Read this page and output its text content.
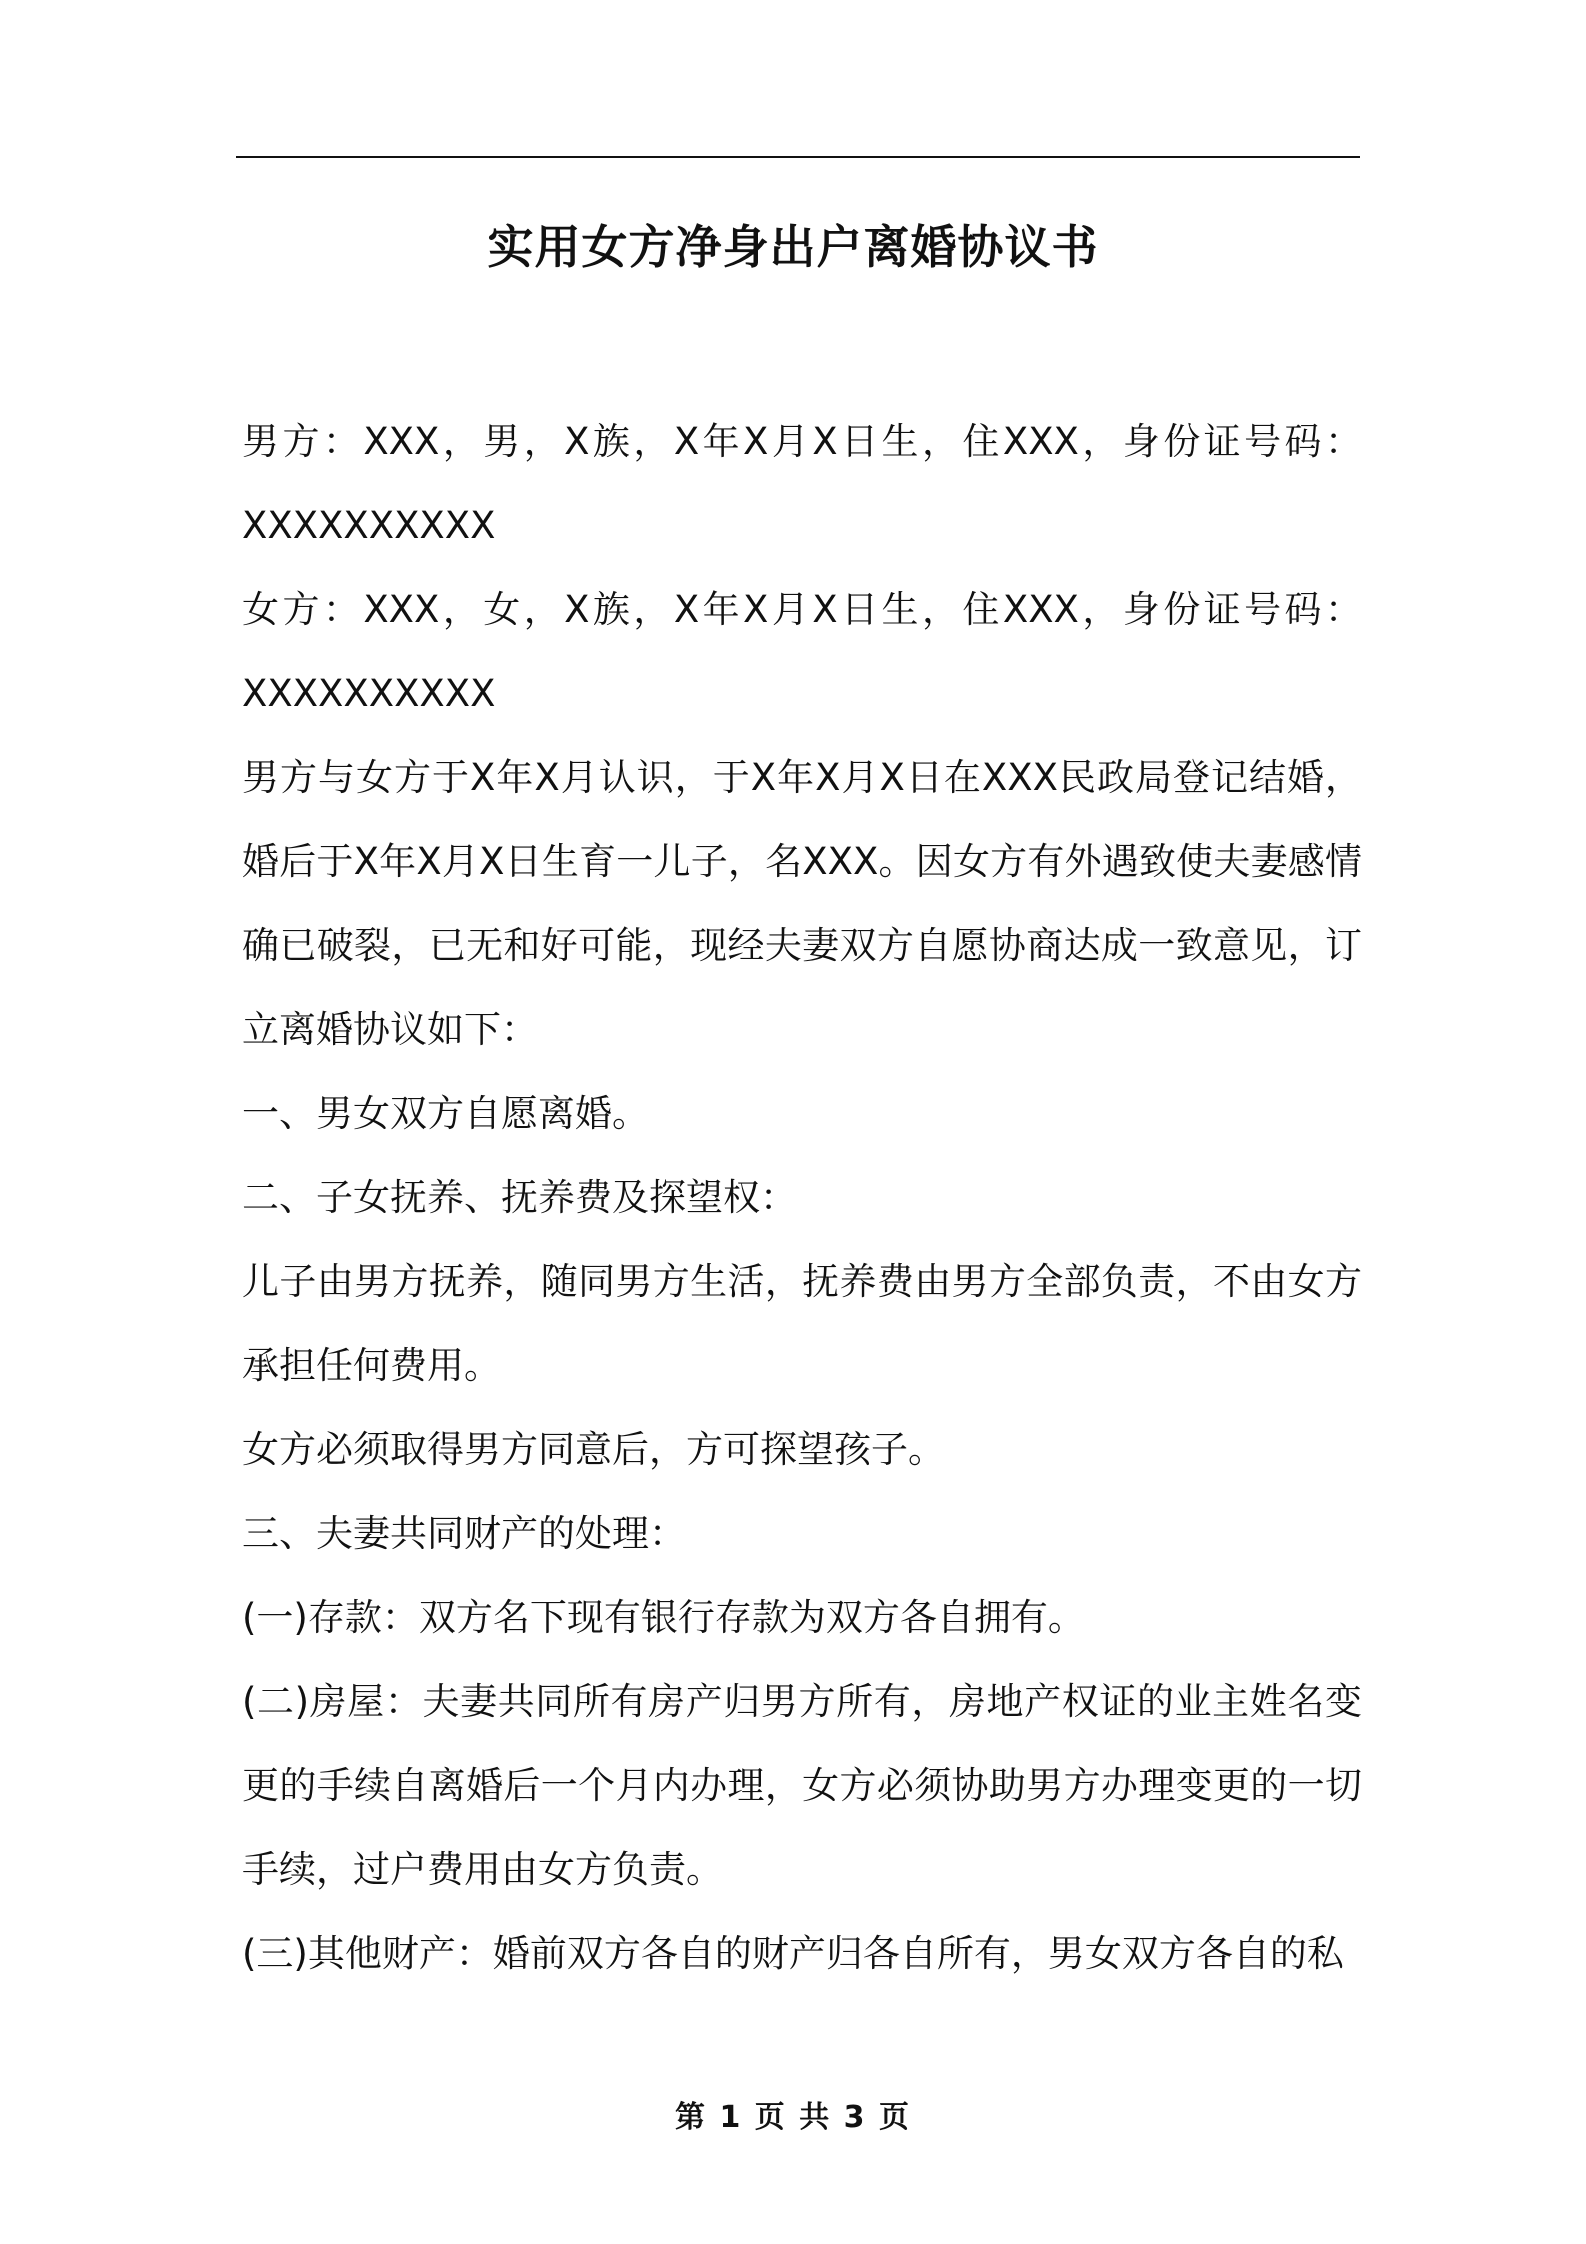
实用女方净身出户离婚协议书

男方：XXX，男，X族，X年X月X日生，住XXX，身份证号码：XXXXXXXXXX

女方：XXX，女，X族，X年X月X日生，住XXX，身份证号码：XXXXXXXXXX

男方与女方于X年X月认识，于X年X月X日在XXX民政局登记结婚，婚后于X年X月X日生育一儿子，名XXX。因女方有外遇致使夫妻感情确已破裂，已无和好可能，现经夫妻双方自愿协商达成一致意见，订立离婚协议如下：

一、男女双方自愿离婚。

二、子女抚养、抚养费及探望权：

儿子由男方抚养，随同男方生活，抚养费由男方全部负责，不由女方承担任何费用。

女方必须取得男方同意后，方可探望孩子。

三、夫妻共同财产的处理：

(一)存款：双方名下现有银行存款为双方各自拥有。

(二)房屋：夫妻共同所有房产归男方所有，房地产权证的业主姓名变更的手续自离婚后一个月内办理，女方必须协助男方办理变更的一切手续，过户费用由女方负责。

(三)其他财产：婚前双方各自的财产归各自所有，男女双方各自的私

第 1 页 共 3 页
